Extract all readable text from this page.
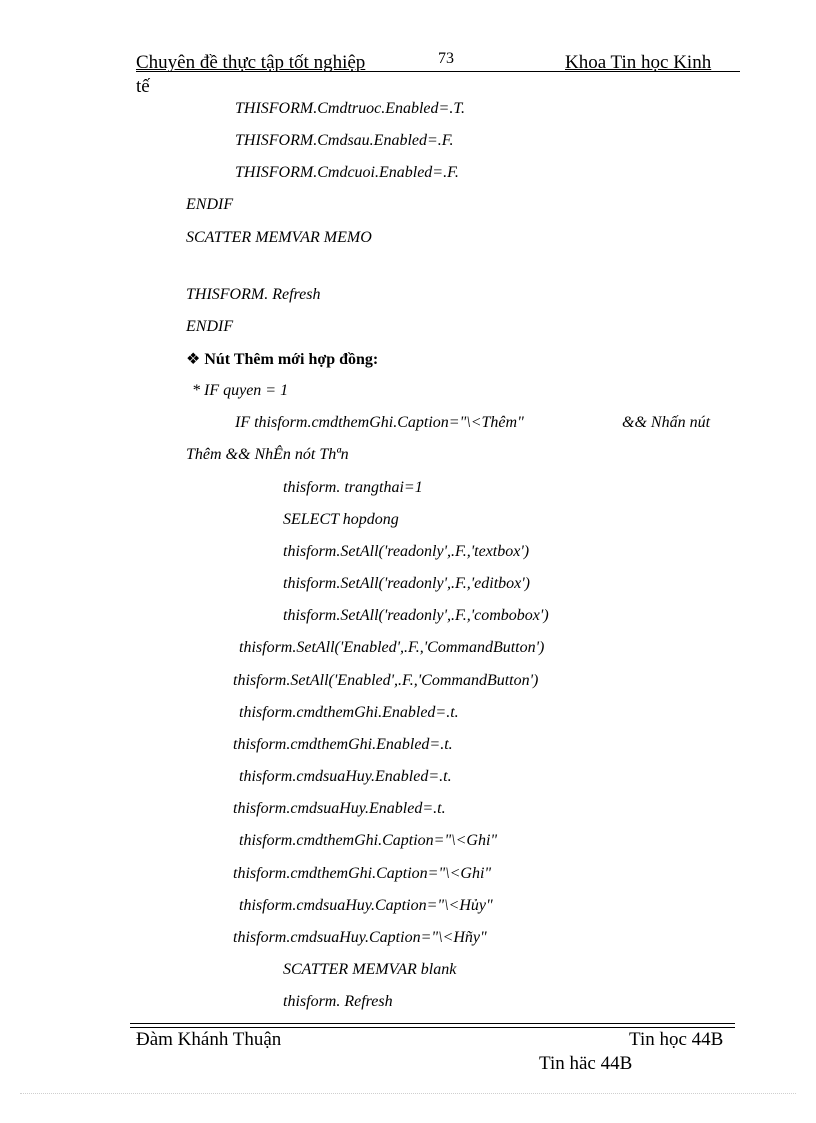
Chuyên đề thực tập tốt nghiệp	73	Khoa Tin học Kinh
tế
THISFORM.Cmdtruoc.Enabled=.T.
THISFORM.Cmdsau.Enabled=.F.
THISFORM.Cmdcuoi.Enabled=.F.
ENDIF
SCATTER MEMVAR MEMO
THISFORM. Refresh
ENDIF
❖ Nút Thêm mới hợp đồng:
* IF quyen = 1
IF thisform.cmdthemGhi.Caption="\<Thêm"	&& Nhấn nút
Thêm && NhÊn nót Thªn
thisform. trangthai=1
SELECT hopdong
thisform.SetAll('readonly',.F.,'textbox')
thisform.SetAll('readonly',.F.,'editbox')
thisform.SetAll('readonly',.F.,'combobox')
thisform.SetAll('Enabled',.F.,'CommandButton')
thisform.SetAll('Enabled',.F.,'CommandButton')
thisform.cmdthemGhi.Enabled=.t.
thisform.cmdthemGhi.Enabled=.t.
thisform.cmdsuaHuy.Enabled=.t.
thisform.cmdsuaHuy.Enabled=.t.
thisform.cmdthemGhi.Caption="\<Ghi"
thisform.cmdthemGhi.Caption="\<Ghi"
thisform.cmdsuaHuy.Caption="\<Hủy"
thisform.cmdsuaHuy.Caption="\<Hñy"
SCATTER MEMVAR blank
thisform. Refresh
Đàm Khánh Thuận	Tin học 44B
Tin häc 44B
